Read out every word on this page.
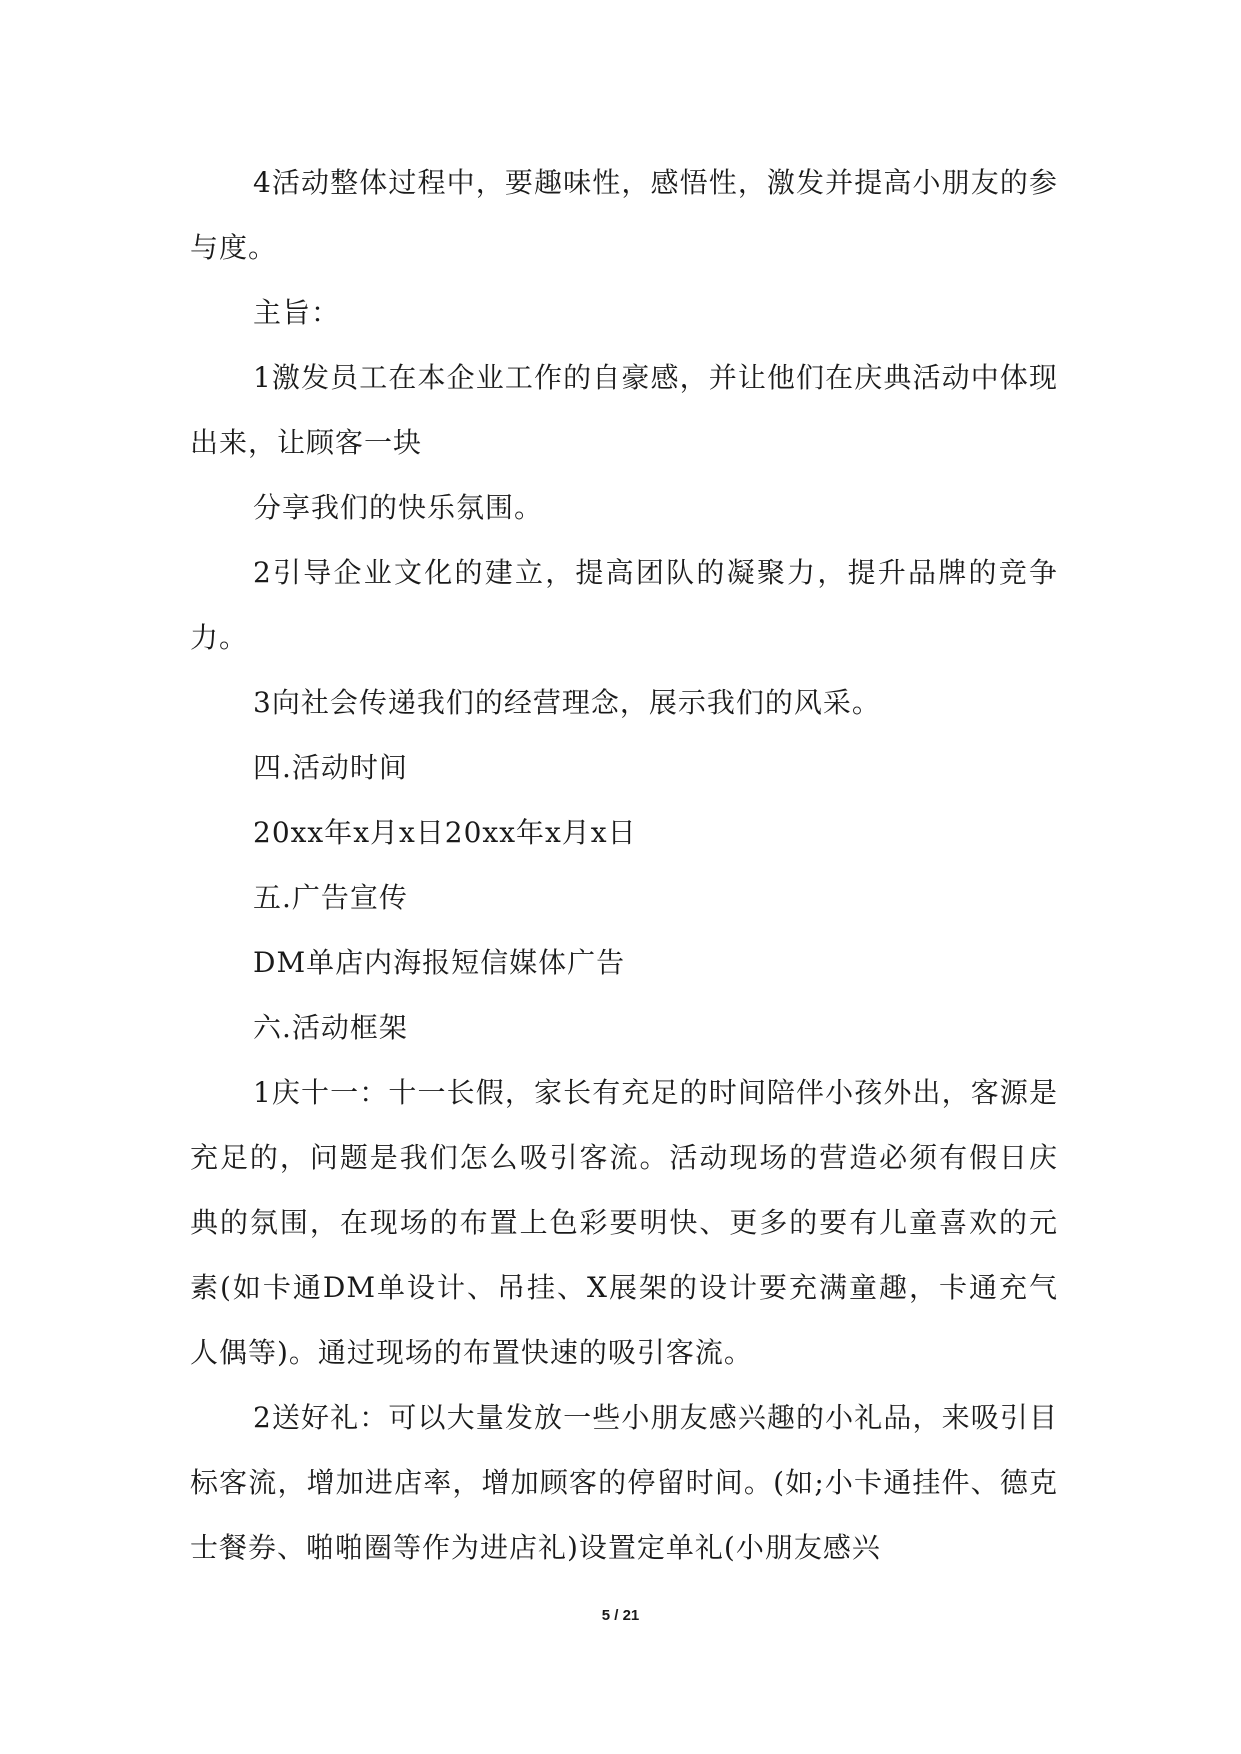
4活动整体过程中，要趣味性，感悟性，激发并提高小朋友的参与度。

主旨：

1激发员工在本企业工作的自豪感，并让他们在庆典活动中体现出来，让顾客一块

分享我们的快乐氛围。

2引导企业文化的建立，提高团队的凝聚力，提升品牌的竞争力。

3向社会传递我们的经营理念，展示我们的风采。

四.活动时间

20xx年x月x日20xx年x月x日

五.广告宣传

DM单店内海报短信媒体广告

六.活动框架

1庆十一：十一长假，家长有充足的时间陪伴小孩外出，客源是充足的，问题是我们怎么吸引客流。活动现场的营造必须有假日庆典的氛围，在现场的布置上色彩要明快、更多的要有儿童喜欢的元素(如卡通DM单设计、吊挂、X展架的设计要充满童趣，卡通充气人偶等)。通过现场的布置快速的吸引客流。

2送好礼：可以大量发放一些小朋友感兴趣的小礼品，来吸引目标客流，增加进店率，增加顾客的停留时间。(如;小卡通挂件、德克士餐券、啪啪圈等作为进店礼)设置定单礼(小朋友感兴

5 / 21
